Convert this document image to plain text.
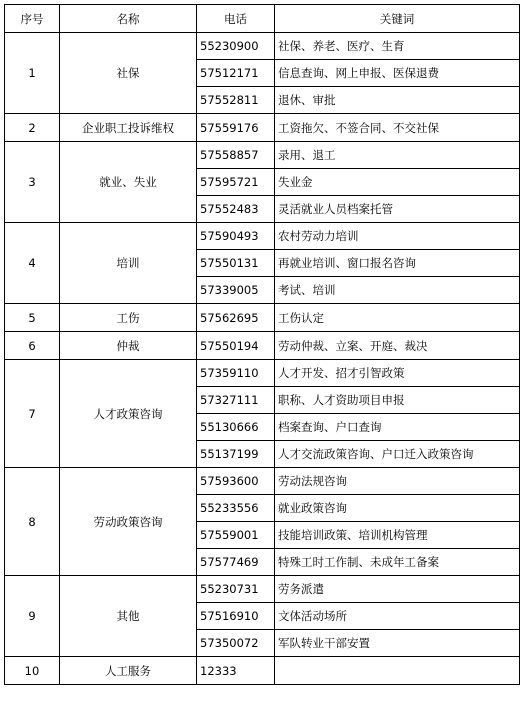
序号	名称	电话	关键词
1	社保	55230900	社保、养老、医疗、生育
		57512171	信息查询、网上申报、医保退费
		57552811	退休、审批
2	企业职工投诉维权	57559176	工资拖欠、不签合同、不交社保
3	就业、失业	57558857	录用、退工
		57595721	失业金
		57552483	灵活就业人员档案托管
4	培训	57590493	农村劳动力培训
		57550131	再就业培训、窗口报名咨询
		57339005	考试、培训
5	工伤	57562695	工伤认定
6	仲裁	57550194	劳动仲裁、立案、开庭、裁决
7	人才政策咨询	57359110	人才开发、招才引智政策
		57327111	职称、人才资助项目申报
		55130666	档案查询、户口查询
		55137199	人才交流政策咨询、户口迁入政策咨询
8	劳动政策咨询	57593600	劳动法规咨询
		55233556	就业政策咨询
		57559001	技能培训政策、培训机构管理
		57577469	特殊工时工作制、未成年工备案
9	其他	55230731	劳务派遣
		57516910	文体活动场所
		57350072	军队转业干部安置
10	人工服务	12333	
